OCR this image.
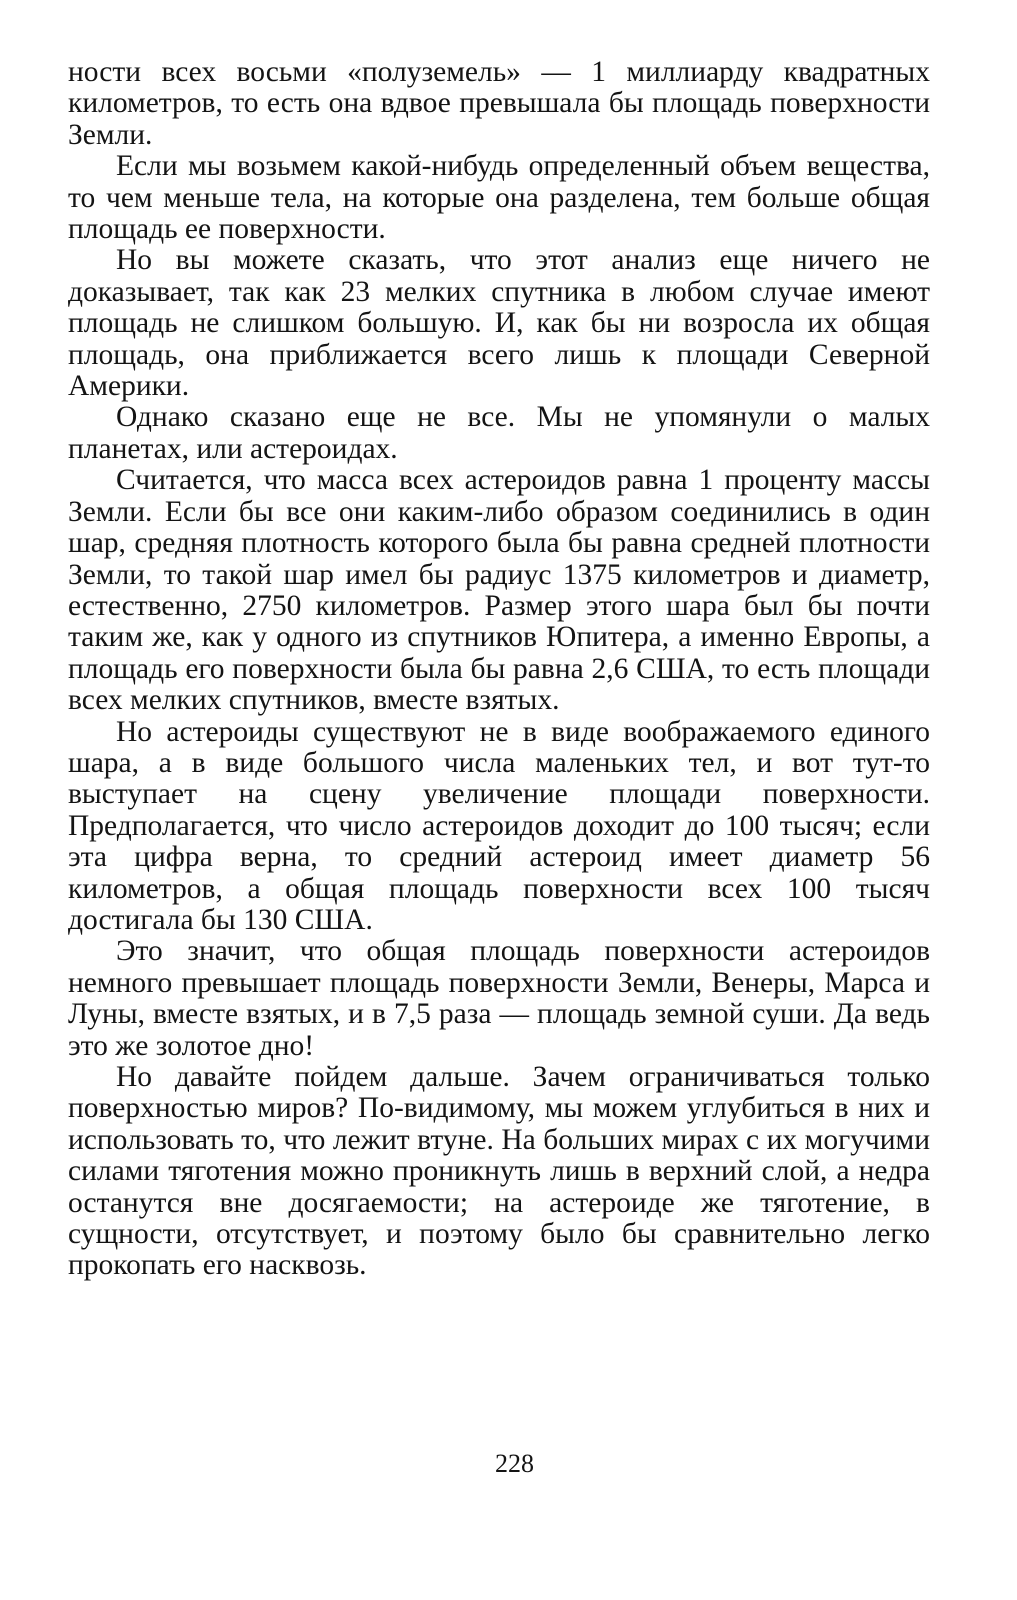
ности всех восьми «полуземель» — 1 миллиарду квадратных километров, то есть она вдвое превышала бы площадь поверхности Земли.

Если мы возьмем какой-нибудь определенный объем вещества, то чем меньше тела, на которые она разделена, тем больше общая площадь ее поверхности.

Но вы можете сказать, что этот анализ еще ничего не доказывает, так как 23 мелких спутника в любом случае имеют площадь не слишком большую. И, как бы ни возросла их общая площадь, она приближается всего лишь к площади Северной Америки.

Однако сказано еще не все. Мы не упомянули о малых планетах, или астероидах.

Считается, что масса всех астероидов равна 1 проценту массы Земли. Если бы все они каким-либо образом соединились в один шар, средняя плотность которого была бы равна средней плотности Земли, то такой шар имел бы радиус 1375 километров и диаметр, естественно, 2750 километров. Размер этого шара был бы почти таким же, как у одного из спутников Юпитера, а именно Европы, а площадь его поверхности была бы равна 2,6 США, то есть площади всех мелких спутников, вместе взятых.

Но астероиды существуют не в виде воображаемого единого шара, а в виде большого числа маленьких тел, и вот тут-то выступает на сцену увеличение площади поверхности. Предполагается, что число астероидов доходит до 100 тысяч; если эта цифра верна, то средний астероид имеет диаметр 56 километров, а общая площадь поверхности всех 100 тысяч достигала бы 130 США.

Это значит, что общая площадь поверхности астероидов немного превышает площадь поверхности Земли, Венеры, Марса и Луны, вместе взятых, и в 7,5 раза — площадь земной суши. Да ведь это же золотое дно!

Но давайте пойдем дальше. Зачем ограничиваться только поверхностью миров? По-видимому, мы можем углубиться в них и использовать то, что лежит втуне. На больших мирах с их могучими силами тяготения можно проникнуть лишь в верхний слой, а недра останутся вне досягаемости; на астероиде же тяготение, в сущности, отсутствует, и поэтому было бы сравнительно легко прокопать его насквозь.

228
